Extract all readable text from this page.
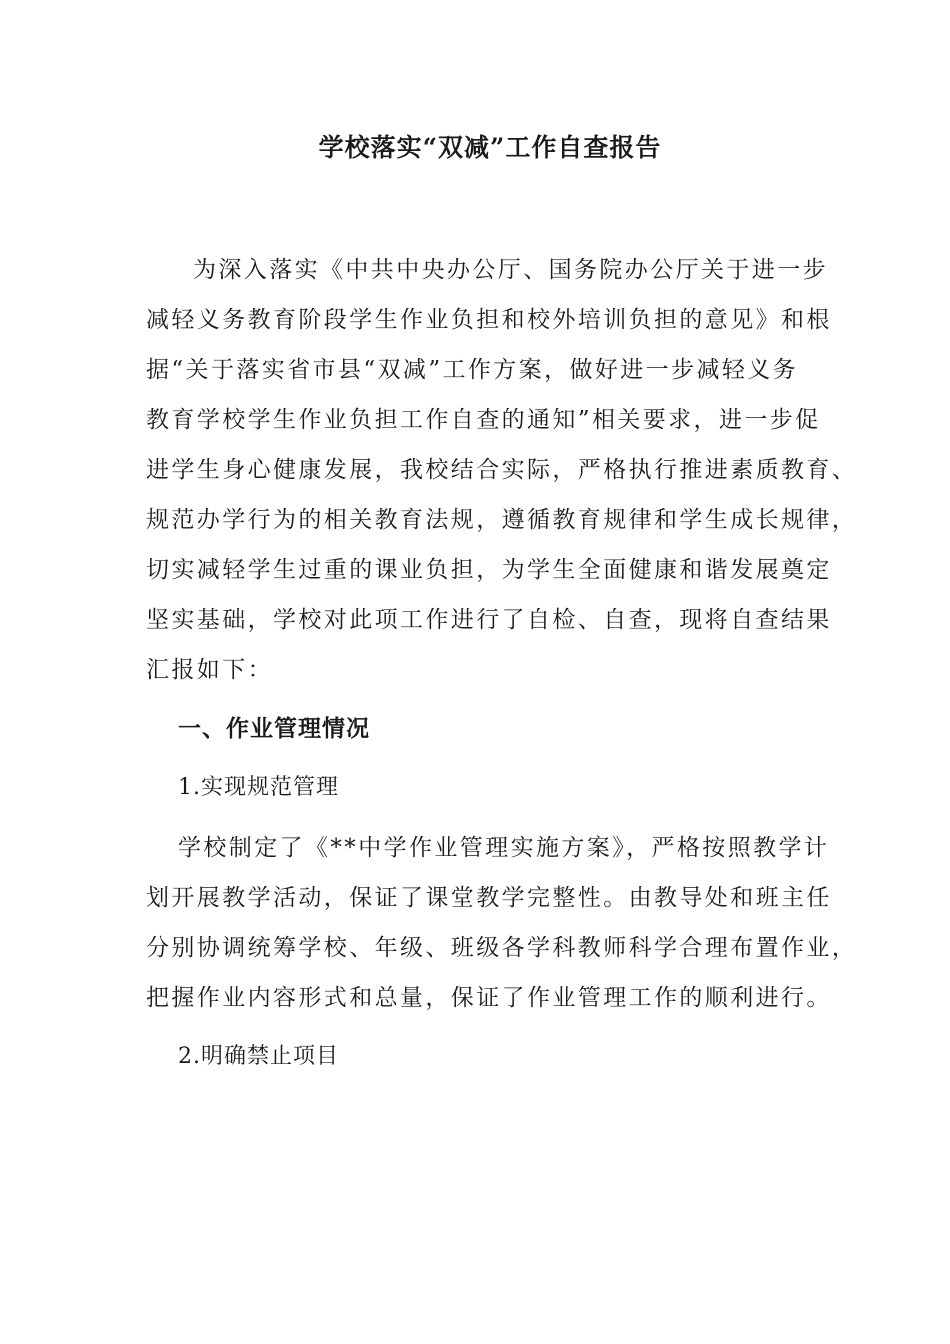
学校落实“双减”工作自查报告
为深入落实《中共中央办公厅、国务院办公厅关于进一步
减轻义务教育阶段学生作业负担和校外培训负担的意见》和根
据“关于落实省市县“双减”工作方案，做好进一步减轻义务
教育学校学生作业负担工作自查的通知”相关要求，进一步促
进学生身心健康发展，我校结合实际，严格执行推进素质教育、
规范办学行为的相关教育法规，遵循教育规律和学生成长规律，
切实减轻学生过重的课业负担，为学生全面健康和谐发展奠定
坚实基础，学校对此项工作进行了自检、自查，现将自查结果
汇报如下：
一、作业管理情况
1.实现规范管理
学校制定了《**中学作业管理实施方案》，严格按照教学计
划开展教学活动，保证了课堂教学完整性。由教导处和班主任
分别协调统筹学校、年级、班级各学科教师科学合理布置作业，
把握作业内容形式和总量，保证了作业管理工作的顺利进行。
2.明确禁止项目
